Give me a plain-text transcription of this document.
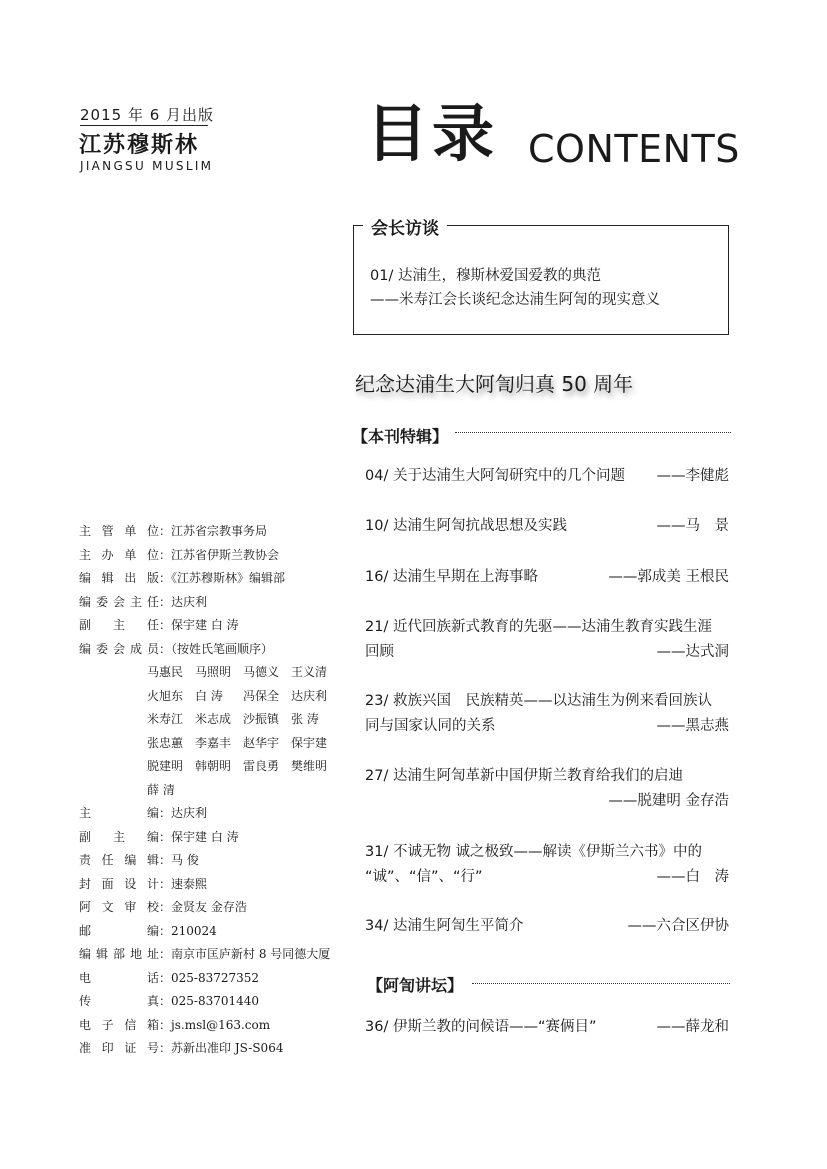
2015 年 6 月出版
江苏穆斯林
JIANGSU MUSLIM 目录 CONTENTS
会长访谈
01/ 达浦生，穆斯林爱国爱教的典范
——米寿江会长谈纪念达浦生阿訇的现实意义
纪念达浦生大阿訇归真 50 周年
【本刊特辑】
04/ 关于达浦生大阿訇研究中的几个问题 ——李健彪
10/ 达浦生阿訇抗战思想及实践	——马　景
16/ 达浦生早期在上海事略	——郭成美 王根民
21/ 近代回族新式教育的先驱——达浦生教育实践生涯
回顾	——达式洞
23/ 救族兴国　民族精英——以达浦生为例来看回族认
同与国家认同的关系	——黑志燕
27/ 达浦生阿訇革新中国伊斯兰教育给我们的启迪
——脱建明 金存浩
31/ 不诚无物 诚之极致——解读《伊斯兰六书》中的
“诚”、“信”、“行”	——白　涛
34/ 达浦生阿訇生平简介	——六合区伊协
【阿訇讲坛】
36/ 伊斯兰教的问候语——“赛俩目”	——薛龙和
主管单位 ：江苏省宗教事务局
主办单位 ：江苏省伊斯兰教协会
编辑出版 ：《江苏穆斯林》编辑部
编委会主任 ：达庆利
副主任 ：保宇建 白 涛
编委会成员 ：（按姓氏笔画顺序）
马惠民 马照明 马德义 王义清
火旭东 白 涛 冯保全 达庆利
米寿江 米志成 沙振镇 张 涛
张忠蕙 李嘉丰 赵华宇 保宇建
脱建明 韩朝明 雷良勇 樊维明
薛 清
主编 ：达庆利
副主编 ：保宇建 白 涛
责任编辑 ：马 俊
封面设计 ：速泰熙
阿文审校 ：金贤友 金存浩
邮编 ：210024
编辑部地址 ：南京市匡庐新村 8 号同德大厦
电话 ：025-83727352
传真 ：025-83701440
电子信箱 ：js.msl@163.com
准印证号 ：苏新出准印 JS-S064
